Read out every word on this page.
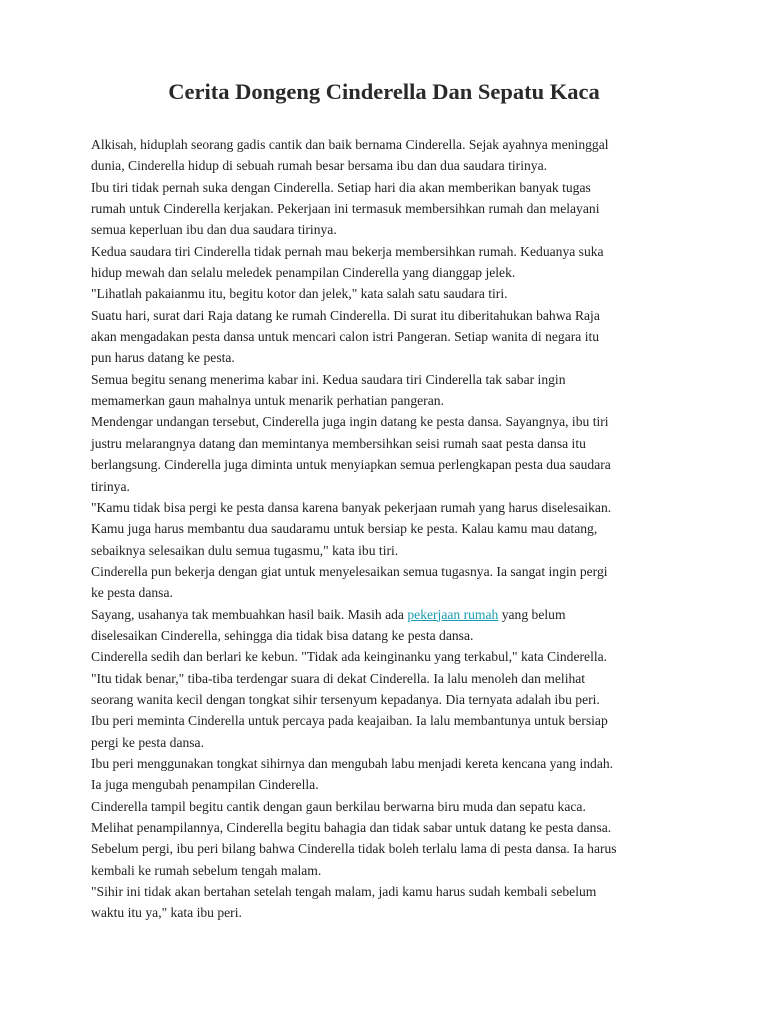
Cerita Dongeng Cinderella Dan Sepatu Kaca

Alkisah, hiduplah seorang gadis cantik dan baik bernama Cinderella. Sejak ayahnya meninggal
dunia, Cinderella hidup di sebuah rumah besar bersama ibu dan dua saudara tirinya.

Ibu tiri tidak pernah suka dengan Cinderella. Setiap hari dia akan memberikan banyak tugas
rumah untuk Cinderella kerjakan. Pekerjaan ini termasuk membersihkan rumah dan melayani
semua keperluan ibu dan dua saudara tirinya.

Kedua saudara tiri Cinderella tidak pernah mau bekerja membersihkan rumah. Keduanya suka
hidup mewah dan selalu meledek penampilan Cinderella yang dianggap jelek.

"Lihatlah pakaianmu itu, begitu kotor dan jelek," kata salah satu saudara tiri.

Suatu hari, surat dari Raja datang ke rumah Cinderella. Di surat itu diberitahukan bahwa Raja
akan mengadakan pesta dansa untuk mencari calon istri Pangeran. Setiap wanita di negara itu
pun harus datang ke pesta.

Semua begitu senang menerima kabar ini. Kedua saudara tiri Cinderella tak sabar ingin
memamerkan gaun mahalnya untuk menarik perhatian pangeran.

Mendengar undangan tersebut, Cinderella juga ingin datang ke pesta dansa. Sayangnya, ibu tiri
justru melarangnya datang dan memintanya membersihkan seisi rumah saat pesta dansa itu
berlangsung. Cinderella juga diminta untuk menyiapkan semua perlengkapan pesta dua saudara
tirinya.

"Kamu tidak bisa pergi ke pesta dansa karena banyak pekerjaan rumah yang harus diselesaikan.
Kamu juga harus membantu dua saudaramu untuk bersiap ke pesta. Kalau kamu mau datang,
sebaiknya selesaikan dulu semua tugasmu," kata ibu tiri.

Cinderella pun bekerja dengan giat untuk menyelesaikan semua tugasnya. Ia sangat ingin pergi
ke pesta dansa.

Sayang, usahanya tak membuahkan hasil baik. Masih ada pekerjaan rumah yang belum
diselesaikan Cinderella, sehingga dia tidak bisa datang ke pesta dansa.

Cinderella sedih dan berlari ke kebun. "Tidak ada keinginanku yang terkabul," kata Cinderella.

"Itu tidak benar," tiba-tiba terdengar suara di dekat Cinderella. Ia lalu menoleh dan melihat
seorang wanita kecil dengan tongkat sihir tersenyum kepadanya. Dia ternyata adalah ibu peri.

Ibu peri meminta Cinderella untuk percaya pada keajaiban. Ia lalu membantunya untuk bersiap
pergi ke pesta dansa.

Ibu peri menggunakan tongkat sihirnya dan mengubah labu menjadi kereta kencana yang indah.
Ia juga mengubah penampilan Cinderella.

Cinderella tampil begitu cantik dengan gaun berkilau berwarna biru muda dan sepatu kaca.

Melihat penampilannya, Cinderella begitu bahagia dan tidak sabar untuk datang ke pesta dansa.

Sebelum pergi, ibu peri bilang bahwa Cinderella tidak boleh terlalu lama di pesta dansa. Ia harus
kembali ke rumah sebelum tengah malam.

"Sihir ini tidak akan bertahan setelah tengah malam, jadi kamu harus sudah kembali sebelum
waktu itu ya," kata ibu peri.
